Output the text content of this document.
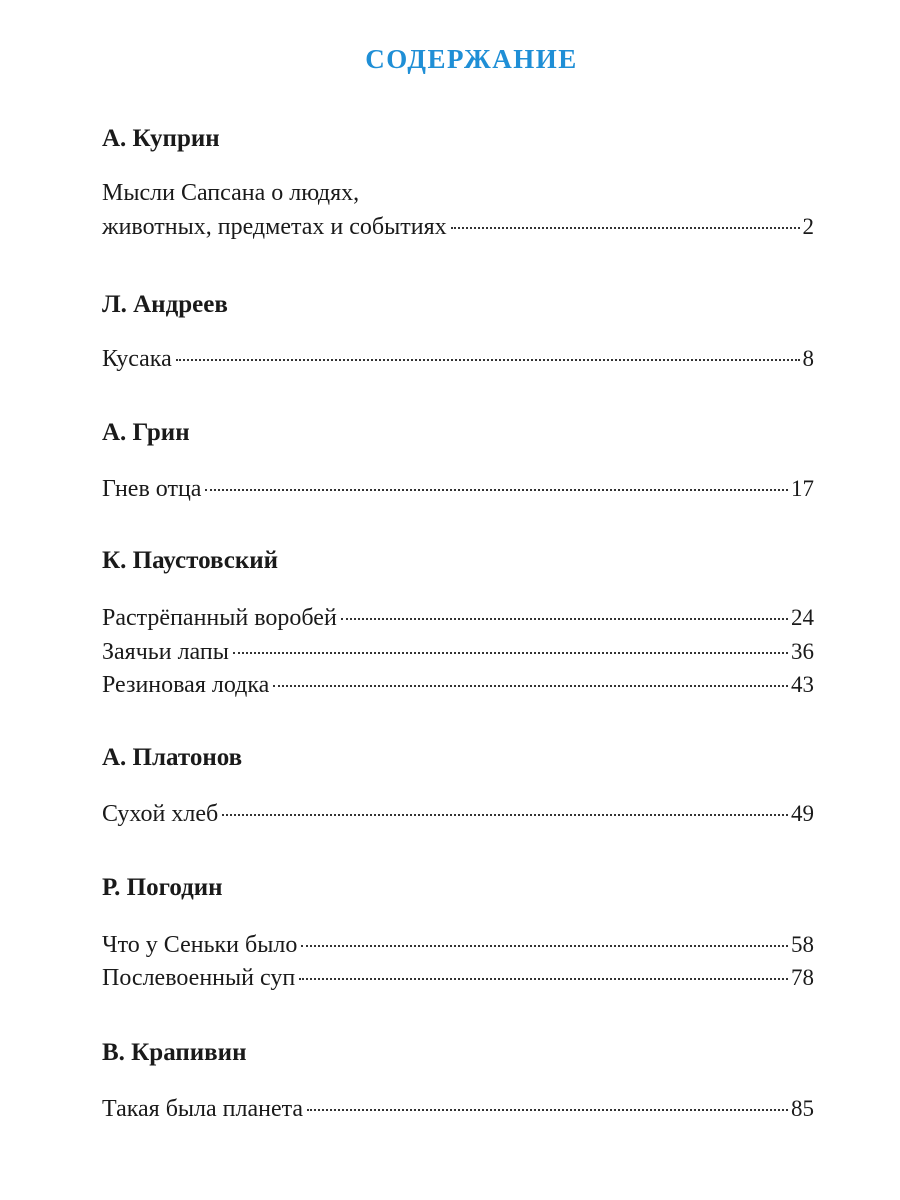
СОДЕРЖАНИЕ
А. Куприн
Мысли Сапсана о людях,
животных, предметах и событиях	2
Л. Андреев
Кусака	8
А. Грин
Гнев отца	17
К. Паустовский
Растрёпанный воробей	24
Заячьи лапы	36
Резиновая лодка	43
А. Платонов
Сухой хлеб	49
Р. Погодин
Что у Сеньки было	58
Послевоенный суп	78
В. Крапивин
Такая была планета	85
